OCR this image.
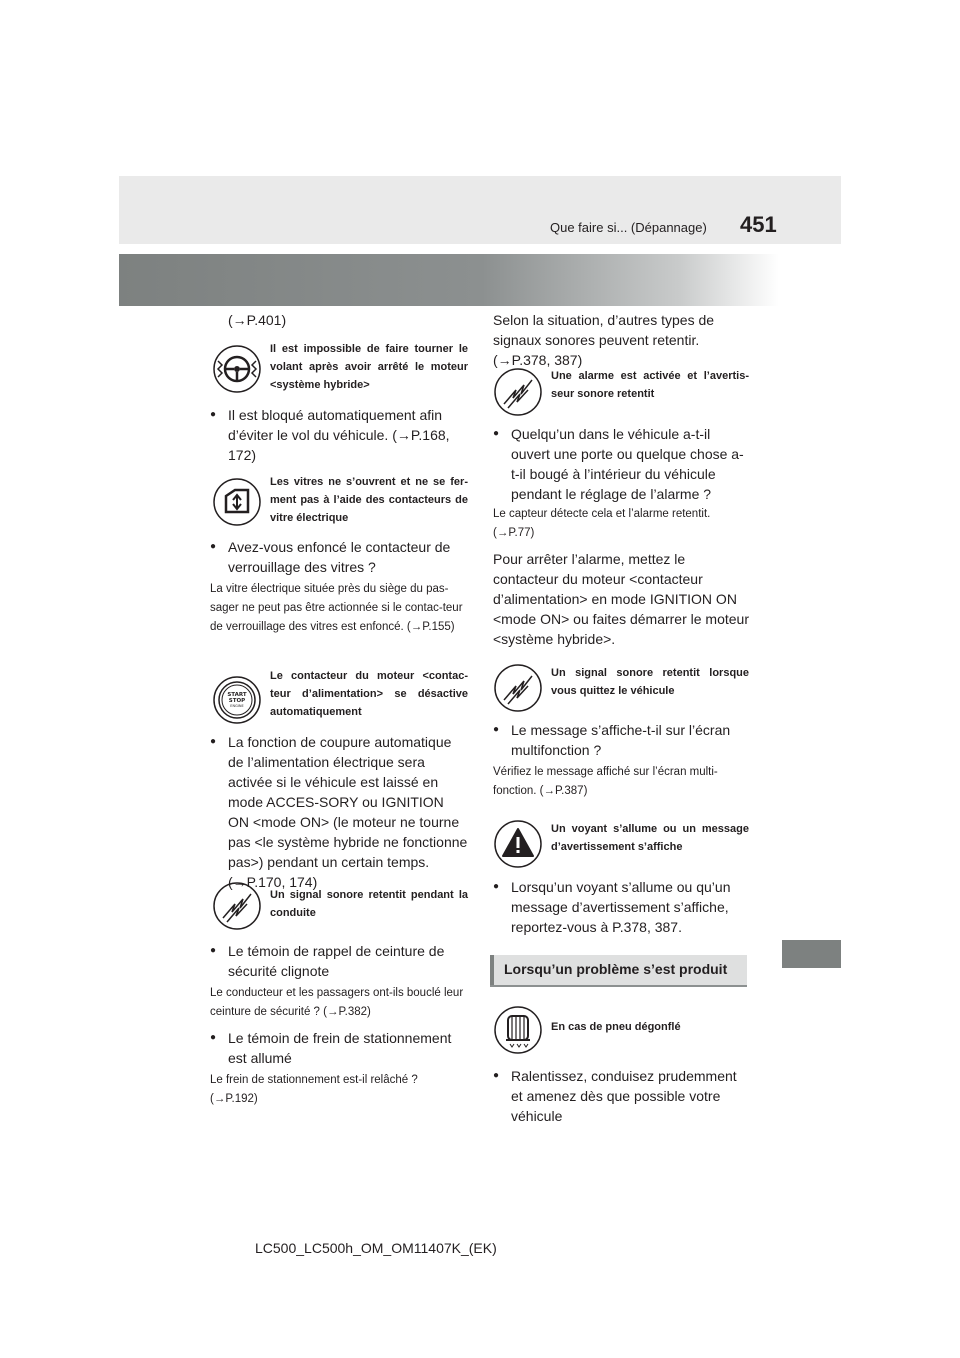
Que faire si... (Dépannage) 451
(→P.401)
Il est impossible de faire tourner le volant après avoir arrêté le moteur <système hybride>
● Il est bloqué automatiquement afin d’éviter le vol du véhicule. (→P.168, 172)
Les vitres ne s’ouvrent et ne se fer-ment pas à l’aide des contacteurs de vitre électrique
● Avez-vous enfoncé le contacteur de verrouillage des vitres ?
La vitre électrique située près du siège du pas-sager ne peut pas être actionnée si le contac-teur de verrouillage des vitres est enfoncé. (→P.155)
START
STOP
ENGINE
Le contacteur du moteur <contac-teur d’alimentation> se désactive automatiquement
● La fonction de coupure automatique de l’alimentation électrique sera activée si le véhicule est laissé en mode ACCES-SORY ou IGNITION ON <mode ON> (le moteur ne tourne pas <le système hybride ne fonctionne pas>) pendant un certain temps. (→P.170, 174)
Un signal sonore retentit pendant la conduite
● Le témoin de rappel de ceinture de sécurité clignote
Le conducteur et les passagers ont-ils bouclé leur ceinture de sécurité ? (→P.382)
● Le témoin de frein de stationnement est allumé
Le frein de stationnement est-il relâché ? (→P.192)
Selon la situation, d’autres types de signaux sonores peuvent retentir. (→P.378, 387)
Une alarme est activée et l’avertis-seur sonore retentit
● Quelqu’un dans le véhicule a-t-il ouvert une porte ou quelque chose a-t-il bougé à l’intérieur du véhicule pendant le réglage de l’alarme ?
Le capteur détecte cela et l’alarme retentit. (→P.77)
Pour arrêter l’alarme, mettez le contacteur du moteur <contacteur d’alimentation> en mode IGNITION ON <mode ON> ou faites démarrer le moteur <système hybride>.
Un signal sonore retentit lorsque vous quittez le véhicule
● Le message s’affiche-t-il sur l’écran multifonction ?
Vérifiez le message affiché sur l’écran multi-fonction. (→P.387)
Un voyant s’allume ou un message d’avertissement s’affiche
● Lorsqu’un voyant s’allume ou qu’un message d’avertissement s’affiche, reportez-vous à P.378, 387.
Lorsqu’un problème s’est produit
En cas de pneu dégonflé
● Ralentissez, conduisez prudemment et amenez dès que possible votre véhicule
LC500_LC500h_OM_OM11407K_(EK)
